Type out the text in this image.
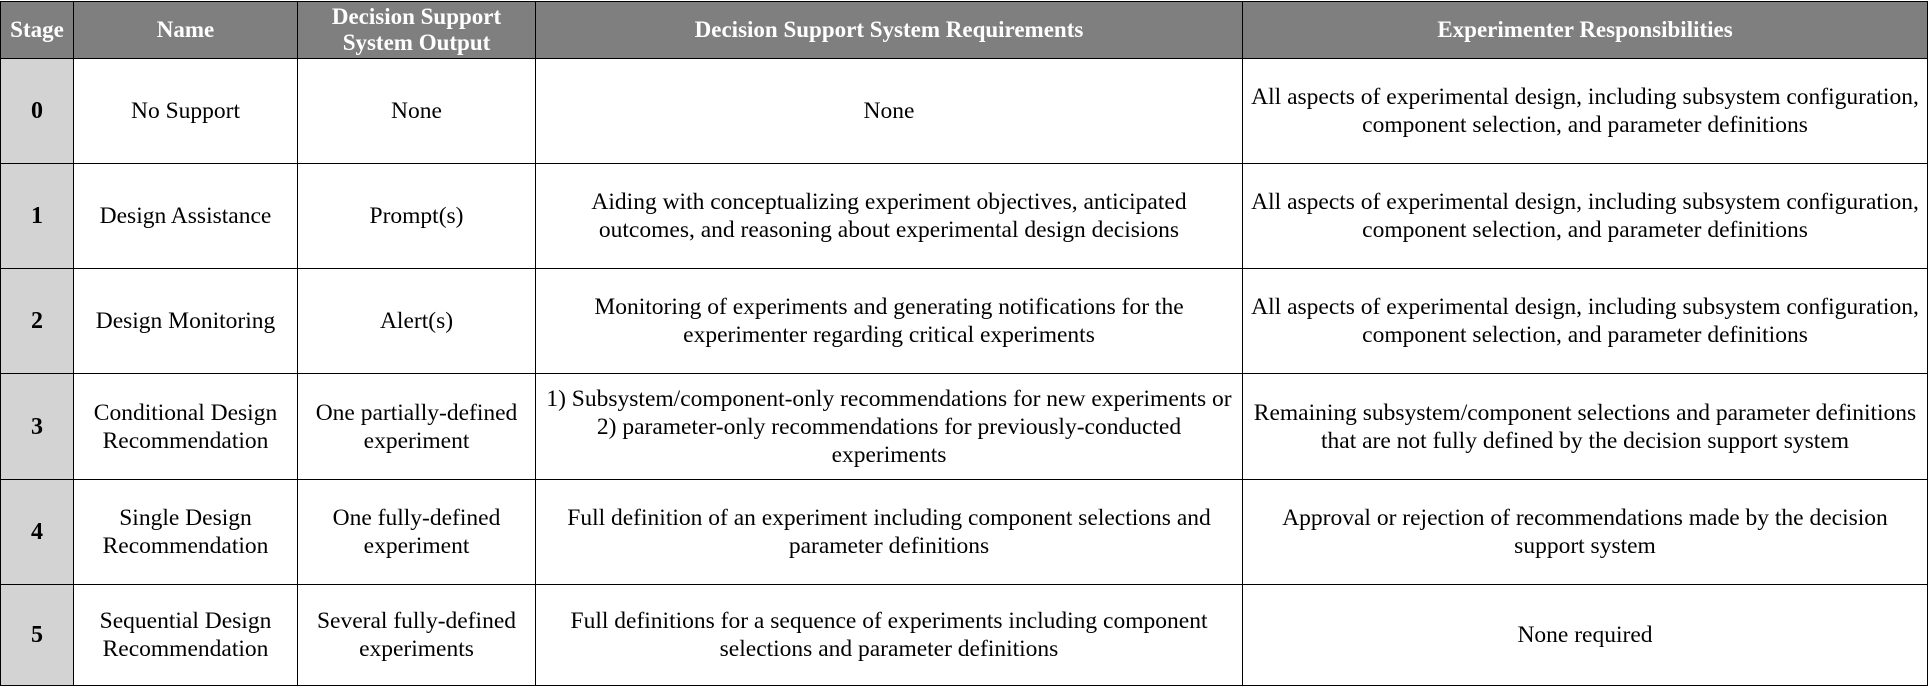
Stage	Name	Decision Support System Output	Decision Support System Requirements	Experimenter Responsibilities
0	No Support	None	None	All aspects of experimental design, including subsystem configuration, component selection, and parameter definitions
1	Design Assistance	Prompt(s)	Aiding with conceptualizing experiment objectives, anticipated outcomes, and reasoning about experimental design decisions	All aspects of experimental design, including subsystem configuration, component selection, and parameter definitions
2	Design Monitoring	Alert(s)	Monitoring of experiments and generating notifications for the experimenter regarding critical experiments	All aspects of experimental design, including subsystem configuration, component selection, and parameter definitions
3	Conditional Design Recommendation	One partially-defined experiment	1) Subsystem/component-only recommendations for new experiments or 2) parameter-only recommendations for previously-conducted experiments	Remaining subsystem/component selections and parameter definitions that are not fully defined by the decision support system
4	Single Design Recommendation	One fully-defined experiment	Full definition of an experiment including component selections and parameter definitions	Approval or rejection of recommendations made by the decision support system
5	Sequential Design Recommendation	Several fully-defined experiments	Full definitions for a sequence of experiments including component selections and parameter definitions	None required
